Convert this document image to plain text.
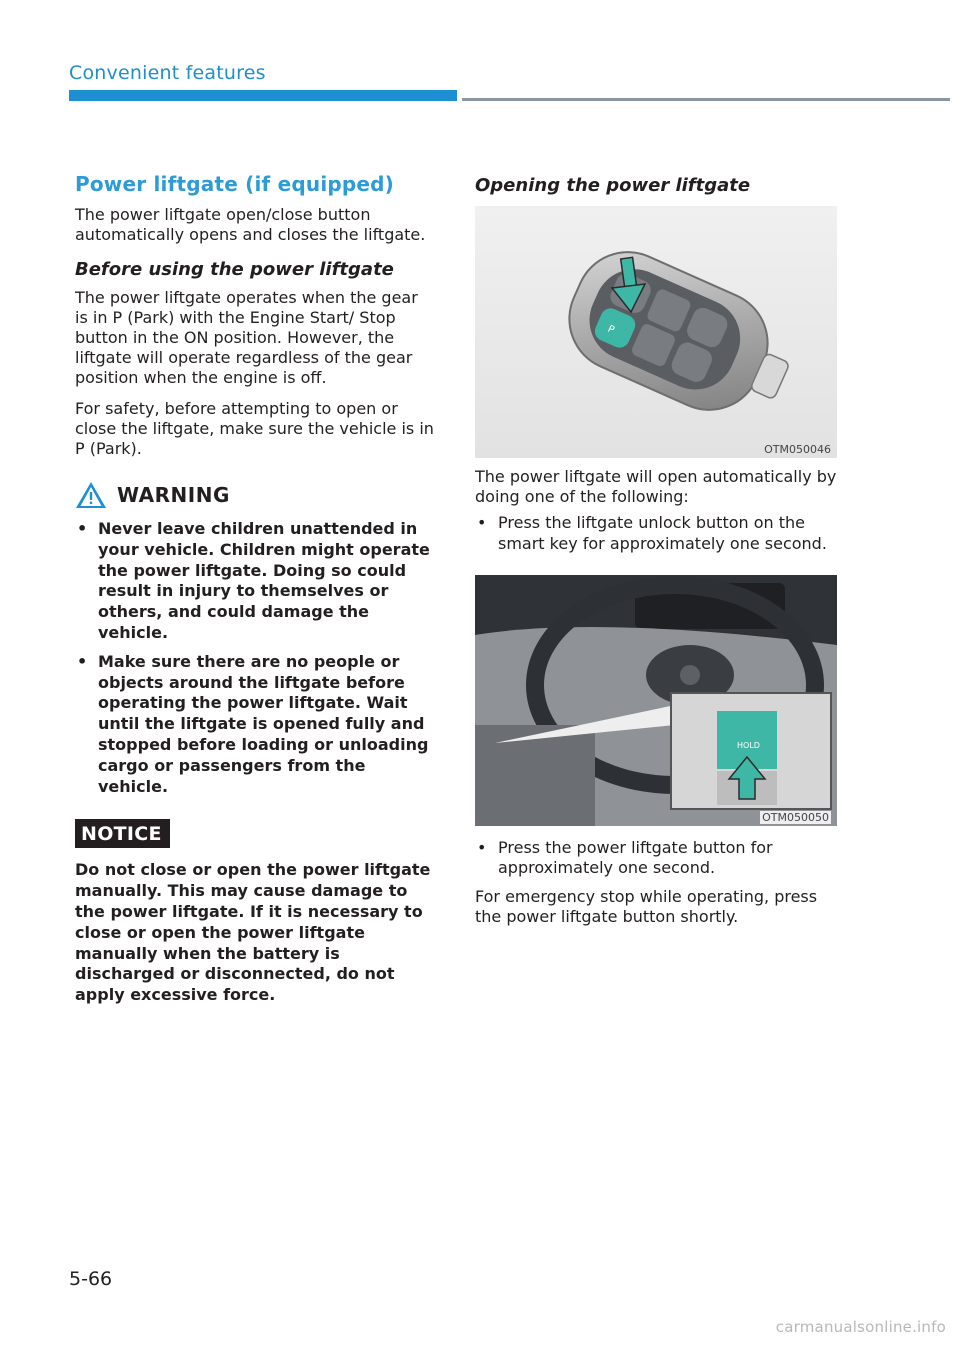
Convenient features
Power liftgate (if equipped)

The power liftgate open/close button automatically opens and closes the liftgate.

Before using the power liftgate

The power liftgate operates when the gear is in P (Park) with the Engine Start/ Stop button in the ON position. However, the liftgate will operate regardless of the gear position when the engine is off.

For safety, before attempting to open or close the liftgate, make sure the vehicle is in P (Park).

WARNING
• Never leave children unattended in your vehicle. Children might operate the power liftgate. Doing so could result in injury to themselves or others, and could damage the vehicle.
• Make sure there are no people or objects around the liftgate before operating the power liftgate. Wait until the liftgate is opened fully and stopped before loading or unloading cargo or passengers from the vehicle.
NOTICE

Do not close or open the power liftgate manually. This may cause damage to the power liftgate. If it is necessary to close or open the power liftgate manually when the battery is discharged or disconnected, do not apply excessive force.

Opening the power liftgate
P
OTM050046

The power liftgate will open automatically by doing one of the following:

• Press the liftgate unlock button on the smart key for approximately one second.
HOLD
OTM050050
• Press the power liftgate button for approximately one second.

For emergency stop while operating, press the power liftgate button shortly.

5-66
carmanualsonline.info
